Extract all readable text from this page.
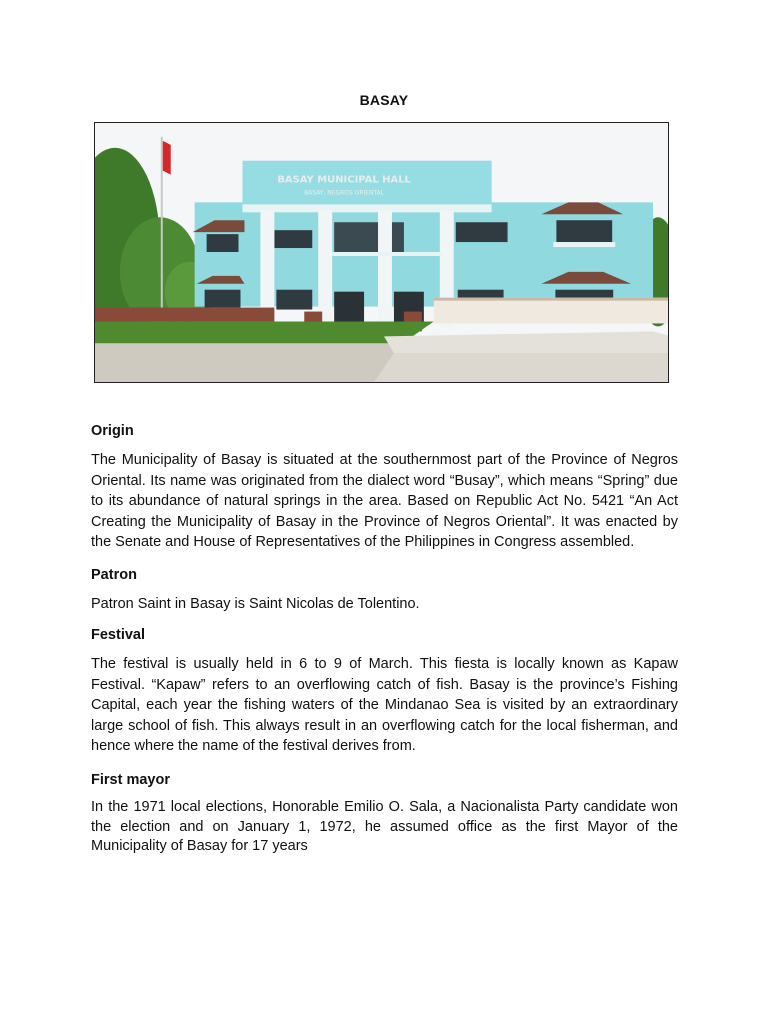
BASAY
BASAY MUNICIPAL HALL
BASAY, NEGROS ORIENTAL

Origin

The Municipality of Basay is situated at the southernmost part of the Province of Negros Oriental. Its name was originated from the dialect word “Busay”, which means “Spring” due to its abundance of natural springs in the area. Based on Republic Act No. 5421 “An Act Creating the Municipality of Basay in the Province of Negros Oriental”. It was enacted by the Senate and House of Representatives of the Philippines in Congress assembled.

Patron

Patron Saint in Basay is Saint Nicolas de Tolentino.

Festival

The festival is usually held in 6 to 9 of March. This fiesta is locally known as Kapaw Festival. “Kapaw” refers to an overflowing catch of fish. Basay is the province’s Fishing Capital, each year the fishing waters of the Mindanao Sea is visited by an extraordinary large school of fish. This always result in an overflowing catch for the local fisherman, and hence where the name of the festival derives from.

First mayor

In the 1971 local elections, Honorable Emilio O. Sala, a Nacionalista Party candidate won the election and on January 1, 1972, he assumed office as the first Mayor of the Municipality of Basay for 17 years
